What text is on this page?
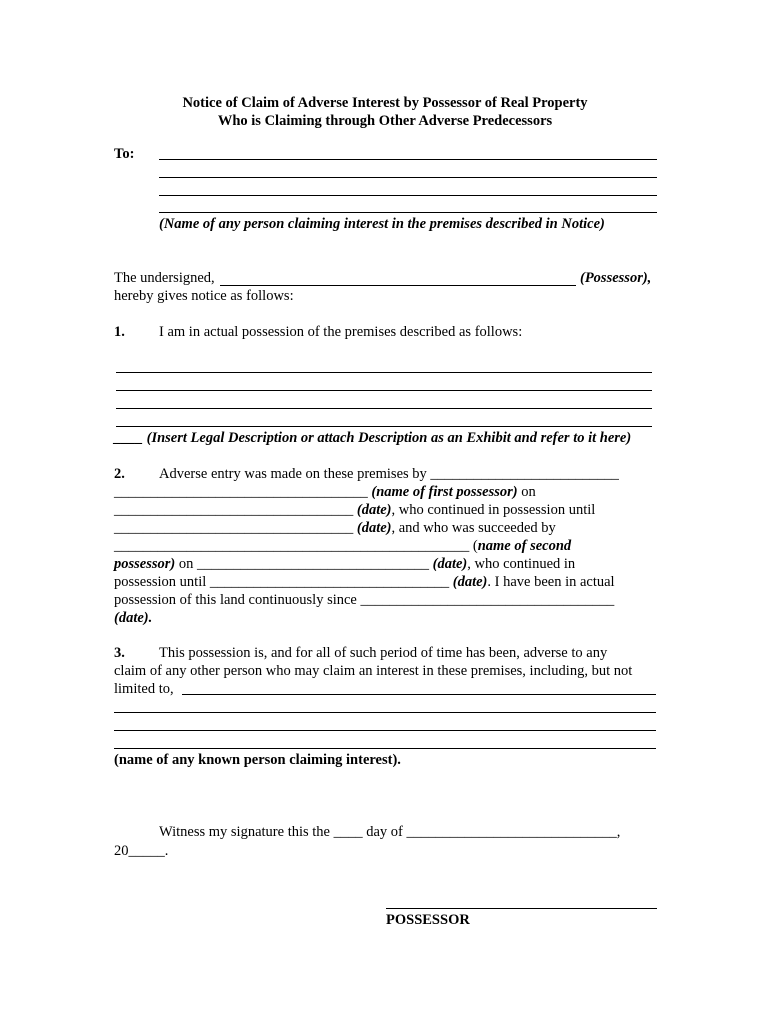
Notice of Claim of Adverse Interest by Possessor of Real Property
Who is Claiming through Other Adverse Predecessors
To:
(Name of any person claiming interest in the premises described in Notice)
The undersigned,	(Possessor),
hereby gives notice as follows:
1. I am in actual possession of the premises described as follows:
____ (Insert Legal Description or attach Description as an Exhibit and refer to it here)
2. Adverse entry was made on these premises by __________________________
___________________________________ (name of first possessor) on
_________________________________ (date), who continued in possession until
_________________________________ (date), and who was succeeded by
_________________________________________________ (name of second
possessor) on ________________________________ (date), who continued in
possession until _________________________________ (date). I have been in actual
possession of this land continuously since ___________________________________
(date).
3. This possession is, and for all of such period of time has been, adverse to any
claim of any other person who may claim an interest in these premises, including, but not
limited to,
(name of any known person claiming interest).
Witness my signature this the ____ day of _____________________________,
20_____.
POSSESSOR
